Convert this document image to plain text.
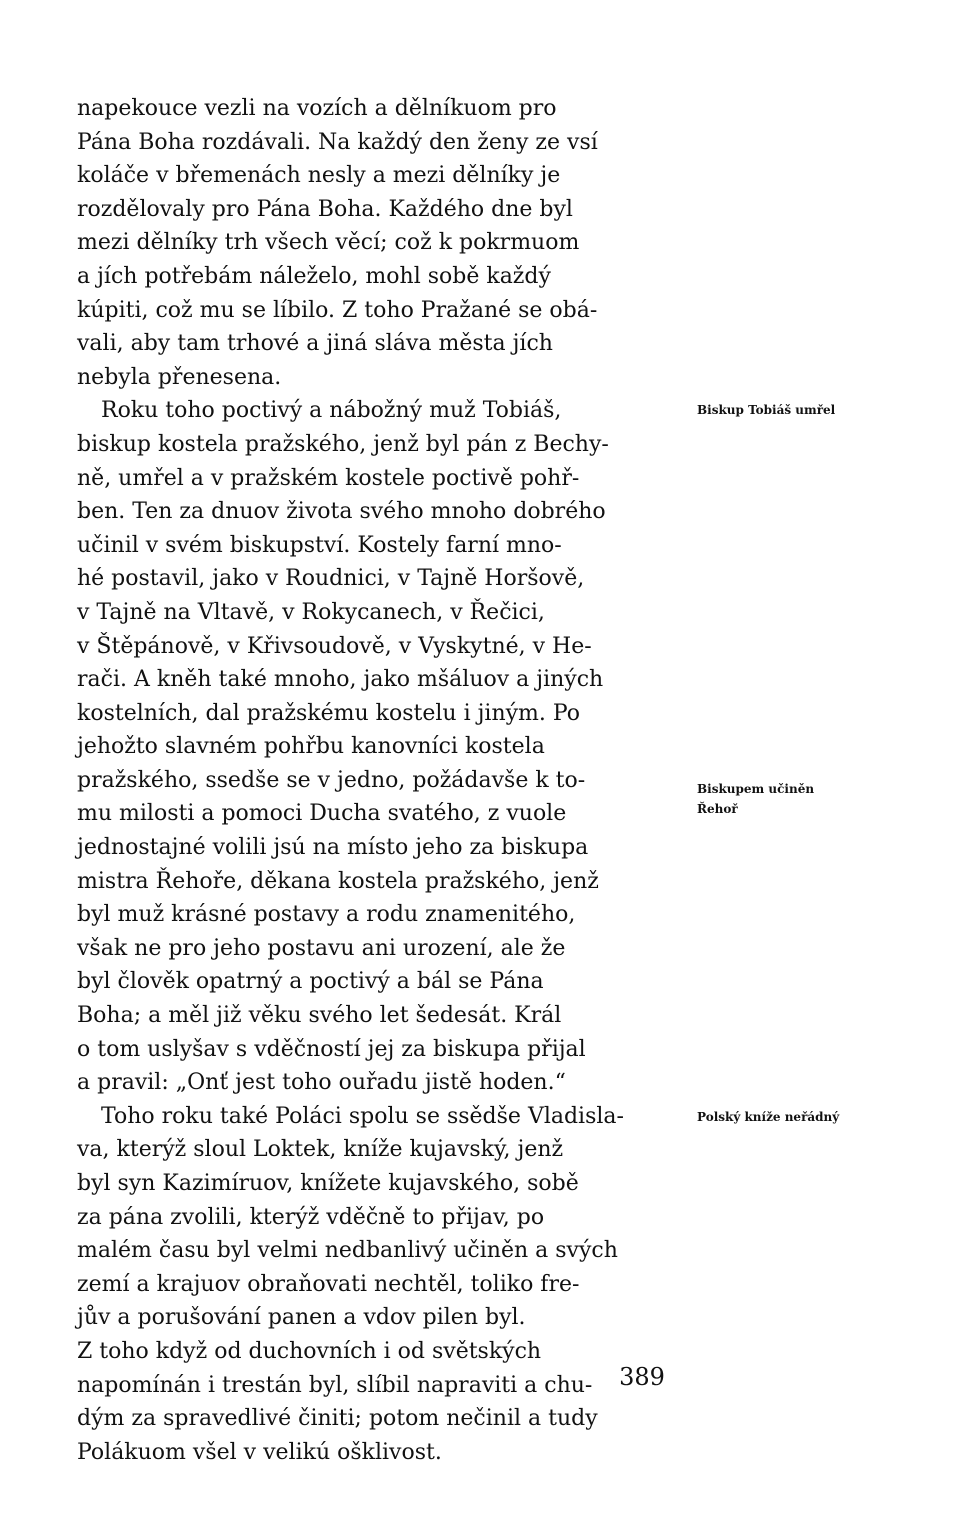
napekouce vezli na vozích a dělníkuom pro
Pána Boha rozdávali. Na každý den ženy ze vsí
koláče v břemenách nesly a mezi dělníky je
rozdělovaly pro Pána Boha. Každého dne byl
mezi dělníky trh všech věcí; což k pokrmuom
a jích potřebám náleželo, mohl sobě každý
kúpiti, což mu se líbilo. Z toho Pražané se obá-
vali, aby tam trhové a jiná sláva města jích
nebyla přenesena.
Roku toho poctivý a nábožný muž Tobiáš,
biskup kostela pražského, jenž byl pán z Bechy-
ně, umřel a v pražském kostele poctivě pohř-
ben. Ten za dnuov života svého mnoho dobrého
učinil v svém biskupství. Kostely farní mno-
hé postavil, jako v Roudnici, v Tajně Horšově,
v Tajně na Vltavě, v Rokycanech, v Řečici,
v Štěpánově, v Křivsoudově, v Vyskytné, v He-
rači. A kněh také mnoho, jako mšáluov a jiných
kostelních, dal pražskému kostelu i jiným. Po
jehožto slavném pohřbu kanovníci kostela
pražského, ssedše se v jedno, požádavše k to-
mu milosti a pomoci Ducha svatého, z vuole
jednostajné volili jsú na místo jeho za biskupa
mistra Řehoře, děkana kostela pražského, jenž
byl muž krásné postavy a rodu znamenitého,
však ne pro jeho postavu ani urození, ale že
byl člověk opatrný a poctivý a bál se Pána
Boha; a měl již věku svého let šedesát. Král
o tom uslyšav s vděčností jej za biskupa přijal
a pravil: „Onť jest toho ouřadu jistě hoden.“
Toho roku také Poláci spolu se ssědše Vladisla-
va, kterýž sloul Loktek, kníže kujavský, jenž
byl syn Kazimíruov, knížete kujavského, sobě
za pána zvolili, kterýž vděčně to přijav, po
malém času byl velmi nedbanlivý učiněn a svých
zemí a krajuov obraňovati nechtěl, toliko fre-
jův a porušování panen a vdov pilen byl.
Z toho když od duchovních i od světských
napomínán i trestán byl, slíbil napraviti a chu-
dým za spravedlivé činiti; potom nečinil a tudy
Polákuom všel v velikú ošklivost.
Biskup Tobiáš umřel
Biskupem učiněn
Řehoř
Polský kníže neřádný
389
